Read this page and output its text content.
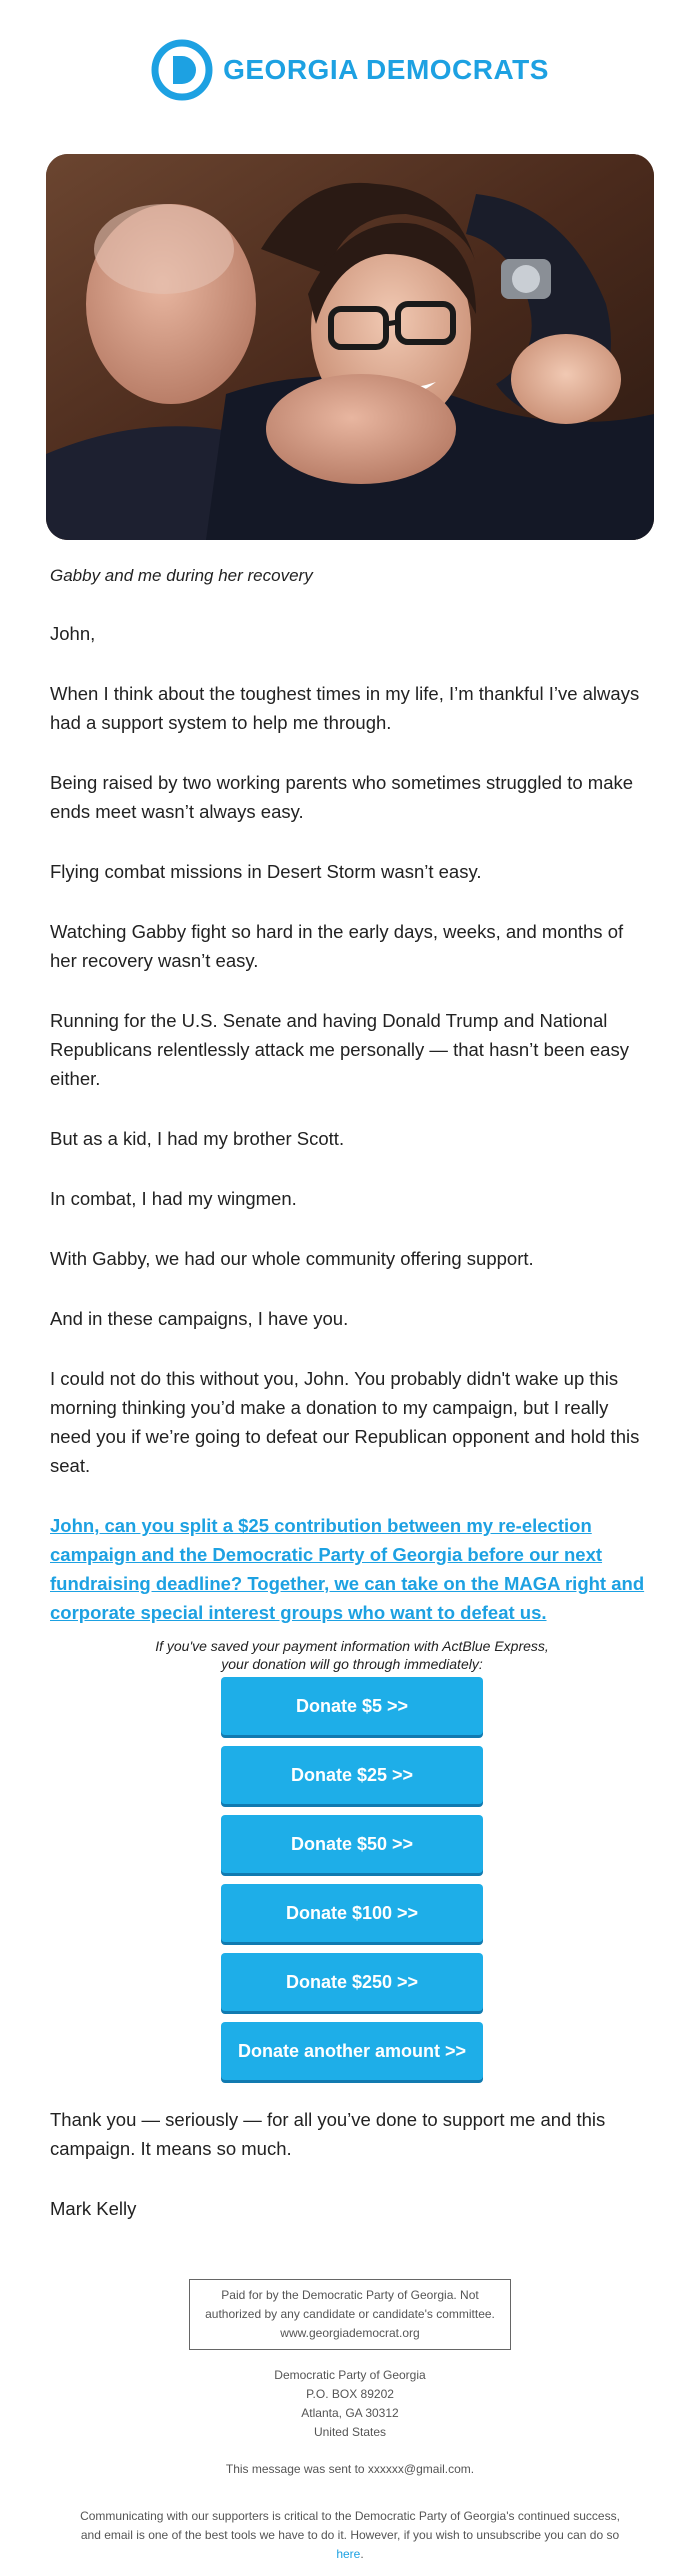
GEORGIA DEMOCRATS

Gabby and me during her recovery

John,

When I think about the toughest times in my life, I’m thankful I’ve always had a support system to help me through.

Being raised by two working parents who sometimes struggled to make ends meet wasn’t always easy.

Flying combat missions in Desert Storm wasn’t easy.

Watching Gabby fight so hard in the early days, weeks, and months of her recovery wasn’t easy.

Running for the U.S. Senate and having Donald Trump and National Republicans relentlessly attack me personally — that hasn’t been easy either.

But as a kid, I had my brother Scott.

In combat, I had my wingmen.

With Gabby, we had our whole community offering support.

And in these campaigns, I have you.

I could not do this without you, John. You probably didn't wake up this morning thinking you’d make a donation to my campaign, but I really need you if we’re going to defeat our Republican opponent and hold this seat.

John, can you split a $25 contribution between my re-election campaign and the Democratic Party of Georgia before our next fundraising deadline? Together, we can take on the MAGA right and corporate special interest groups who want to defeat us.

If you've saved your payment information with ActBlue Express,
your donation will go through immediately:

Donate $5 >>
Donate $25 >>
Donate $50 >>
Donate $100 >>
Donate $250 >>
Donate another amount >>

Thank you — seriously — for all you’ve done to support me and this campaign. It means so much.

Mark Kelly

Paid for by the Democratic Party of Georgia. Not
authorized by any candidate or candidate's committee.
www.georgiademocrat.org
Democratic Party of Georgia
P.O. BOX 89202
Atlanta, GA 30312
United States
This message was sent to xxxxxx@gmail.com.
Communicating with our supporters is critical to the Democratic Party of Georgia's continued success, and email is one of the best tools we have to do it. However, if you wish to unsubscribe you can do so here.
